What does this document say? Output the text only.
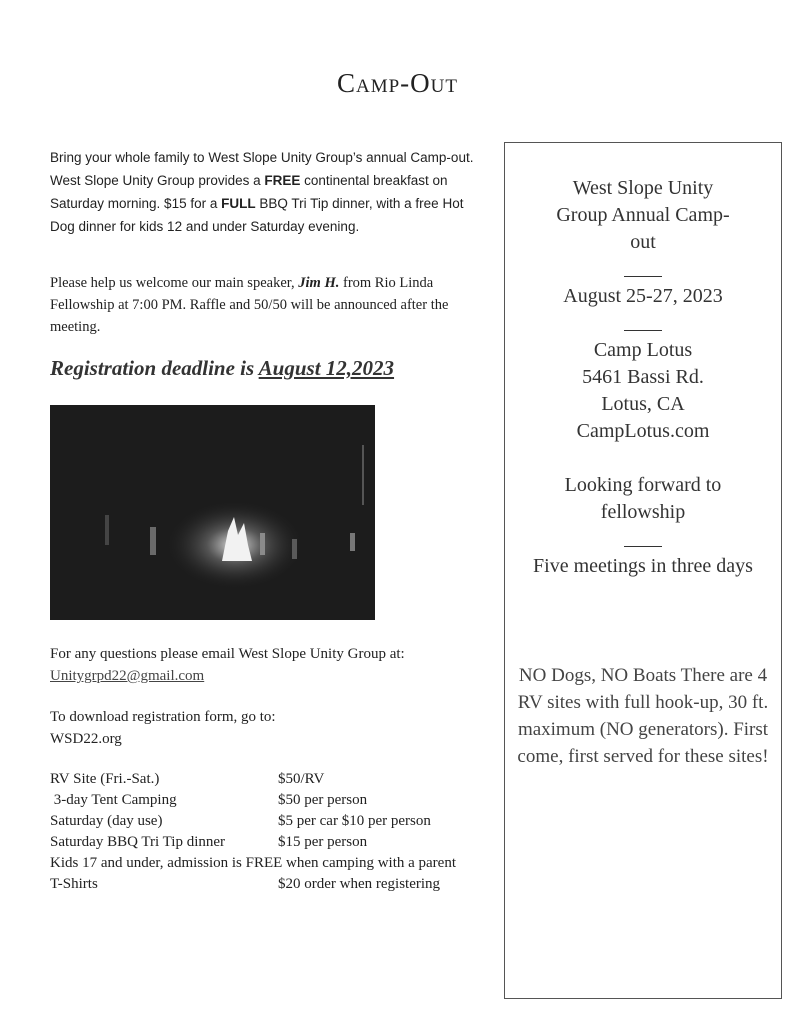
Camp-Out
Bring your whole family to West Slope Unity Group’s annual Camp-out. West Slope Unity Group provides a FREE continental breakfast on Saturday morning. $15 for a FULL BBQ Tri Tip dinner, with a free Hot Dog dinner for kids 12 and under Saturday evening.
Please help us welcome our main speaker, Jim H. from Rio Linda Fellowship at 7:00 PM. Raffle and 50/50 will be announced after the meeting.
Registration deadline is August 12,2023
For any questions please email West Slope Unity Group at: Unitygrpd22@gmail.com
To download registration form, go to:
WSD22.org
RV Site (Fri.-Sat.)	$50/RV
3-day Tent Camping	$50 per person
Saturday (day use)	$5 per car $10 per person
Saturday BBQ Tri Tip dinner	$15 per person
Kids 17 and under, admission is FREE when camping with a parent
T-Shirts	$20 order when registering
West Slope Unity Group Annual Camp-out
August 25-27, 2023
Camp Lotus
5461 Bassi Rd.
Lotus, CA
CampLotus.com
Looking forward to fellowship
Five meetings in three days
NO Dogs, NO Boats There are 4 RV sites with full hook-up, 30 ft. maximum (NO generators). First come, first served for these sites!
